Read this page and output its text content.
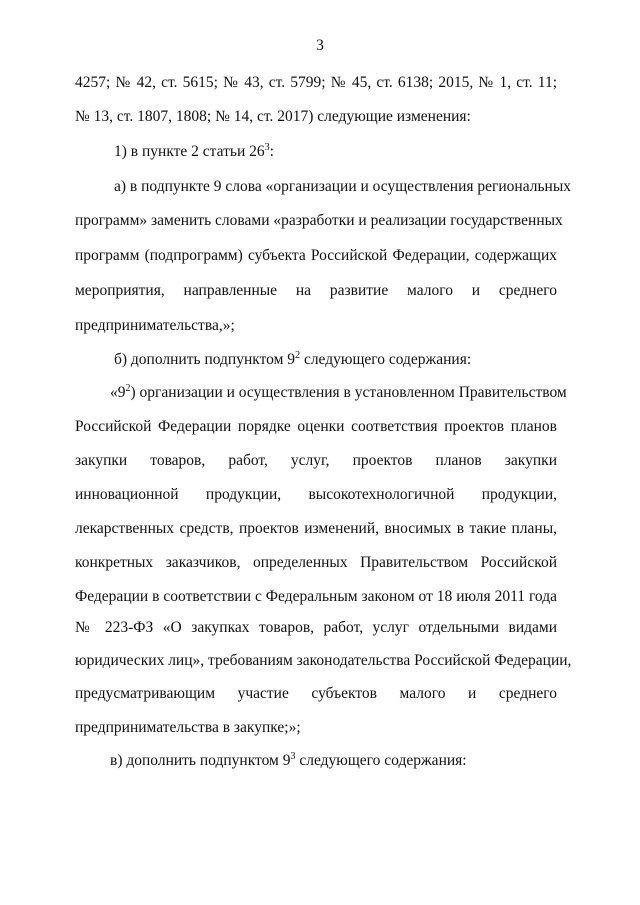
3
4257; № 42, ст. 5615; № 43, ст. 5799; № 45, ст. 6138; 2015, № 1, ст. 11;
№ 13, ст. 1807, 1808; № 14, ст. 2017) следующие изменения:
1) в пункте 2 статьи $26^3$:
а) в подпункте 9 слова «организации и осуществления региональных
программ» заменить словами «разработки и реализации государственных
программ (подпрограмм) субъекта Российской Федерации, содержащих
мероприятия, направленные на развитие малого и среднего
предпринимательства,»;
б) дополнить подпунктом $9^2$ следующего содержания:
«$9^2$) организации и осуществления в установленном Правительством
Российской Федерации порядке оценки соответствия проектов планов
закупки товаров, работ, услуг, проектов планов закупки
инновационной продукции, высокотехнологичной продукции,
лекарственных средств, проектов изменений, вносимых в такие планы,
конкретных заказчиков, определенных Правительством Российской
Федерации в соответствии с Федеральным законом от 18 июля 2011 года
№ 223-ФЗ «О закупках товаров, работ, услуг отдельными видами
юридических лиц», требованиям законодательства Российской Федерации,
предусматривающим участие субъектов малого и среднего
предпринимательства в закупке;»;
в) дополнить подпунктом $9^3$ следующего содержания:
